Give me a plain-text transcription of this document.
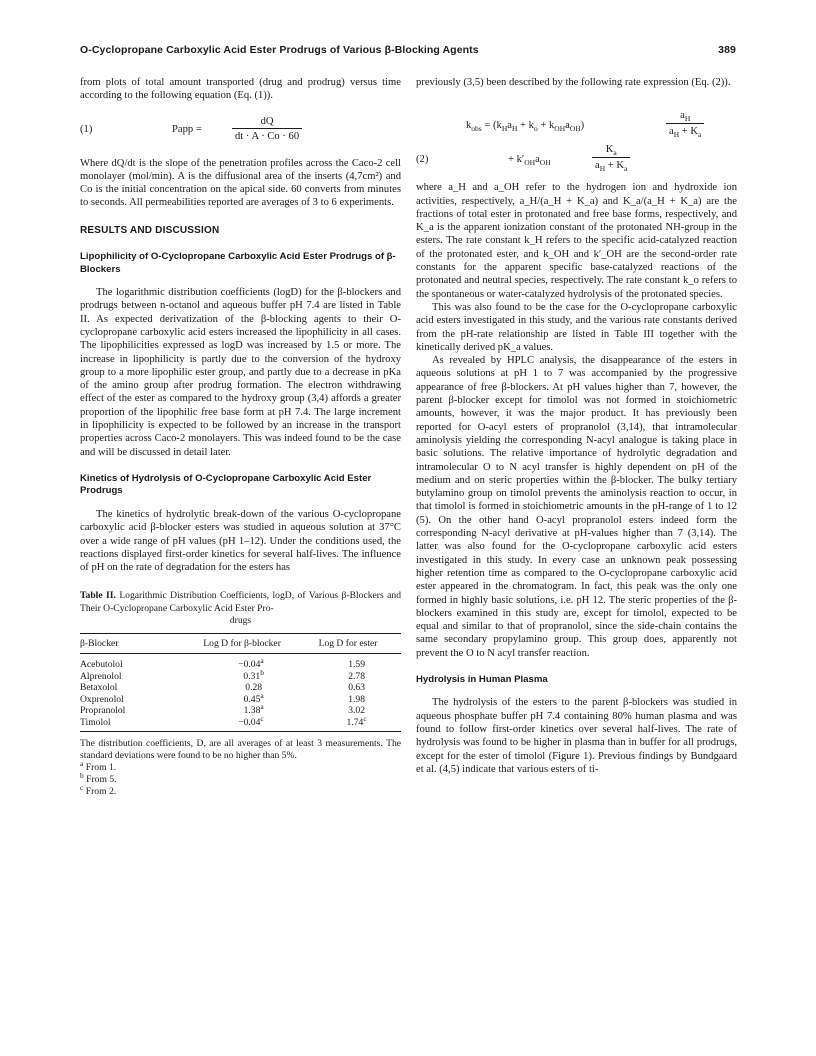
O-Cyclopropane Carboxylic Acid Ester Prodrugs of Various β-Blocking Agents	389

from plots of total amount transported (drug and prodrug) versus time according to the following equation (Eq. (1)).

(1)	Papp =	$\frac{dQ}{dt \cdot A \cdot Co \cdot 60}$

Where dQ/dt is the slope of the penetration profiles across the Caco-2 cell monolayer (mol/min). A is the diffusional area of the inserts (4,7cm²) and Co is the initial concentration on the apical side. 60 converts from minutes to seconds. All permeabilities reported are averages of 3 to 6 experiments.

RESULTS AND DISCUSSION
Lipophilicity of O-Cyclopropane Carboxylic Acid Ester Prodrugs of β-Blockers

The logarithmic distribution coefficients (logD) for the β-blockers and prodrugs between n-octanol and aqueous buffer pH 7.4 are listed in Table II. As expected derivatization of the β-blocking agents to their O-cyclopropane carboxylic acid esters increased the lipophilicity in all cases. The lipophilicities expressed as logD was increased by 1.5 or more. The increase in lipophilicity is partly due to the conversion of the hydroxy group to a more lipophilic ester group, and partly due to a decrease in pKa of the amino group after prodrug formation. The electron withdrawing effect of the ester as compared to the hydroxy group (3,4) affords a greater proportion of the lipophilic free base form at pH 7.4. The large increment in lipophilicity is expected to be followed by an increase in the transport properties across Caco-2 monolayers. This was indeed found to be the case and will be discussed in detail later.

Kinetics of Hydrolysis of O-Cyclopropane Carboxylic Acid Ester Prodrugs

The kinetics of hydrolytic break-down of the various O-cyclopropane carboxylic acid β-blocker esters was studied in aqueous solution at 37°C over a wide range of pH values (pH 1–12). Under the conditions used, the reactions displayed first-order kinetics for several half-lives. The influence of pH on the rate of degradation for the esters has

Table II. Logarithmic Distribution Coefficients, logD, of Various β-Blockers and Their O-Cyclopropane Carboxylic Acid Ester Pro-
drugs
β-Blocker	Log D for β-blocker	Log D for ester
Acebutolol	−0.04$^a$	1.59
Alprenolol	0.31$^b$	2.78
Betaxolol	0.28	0.63
Oxprenolol	0.45$^a$	1.98
Propranolol	1.38$^a$	3.02
Timolol	−0.04$^c$	1.74$^c$
The distribution coefficients, D, are all averages of at least 3 measurements. The standard deviations were found to be no higher than 5%.
$^a$ From 1.
$^b$ From 5.
$^c$ From 2.

previously (3,5) been described by the following rate expression (Eq. (2)).

$k_{obs} = (k_Ha_H + k_o + k_{OH}a_{OH})$	$\frac{a_H}{a_H + K_a}$
(2)	+ $k'_{OH}a_{OH}$	$\frac{K_a}{a_H + K_a}$

where a_H and a_OH refer to the hydrogen ion and hydroxide ion activities, respectively, a_H/(a_H + K_a) and K_a/(a_H + K_a) are the fractions of total ester in protonated and free base forms, respectively, and K_a is the apparent ionization constant of the protonated NH-group in the esters. The rate constant k_H refers to the specific acid-catalyzed reaction of the protonated ester, and k_OH and k′_OH are the second-order rate constants for the apparent specific base-catalyzed reactions of the protonated and neutral species, respectively. The rate constant k_o refers to the spontaneous or water-catalyzed hydrolysis of the protonated species.

This was also found to be the case for the O-cyclopropane carboxylic acid esters investigated in this study, and the various rate constants derived from the pH-rate relationship are listed in Table III together with the kinetically derived pK_a values.

As revealed by HPLC analysis, the disappearance of the esters in aqueous solutions at pH 1 to 7 was accompanied by the progressive appearance of free β-blockers. At pH values higher than 7, however, the parent β-blocker except for timolol was not formed in stoichiometric amounts, however, it was the major product. It has previously been reported for O-acyl esters of propranolol (3,14), that intramolecular aminolysis yielding the corresponding N-acyl analogue is taking place in basic solutions. The relative importance of hydrolytic degradation and intramolecular O to N acyl transfer is highly dependent on pH of the medium and on steric properties within the β-blocker. The bulky tertiary butylamino group on timolol prevents the aminolysis reaction to occur, in that timolol is formed in stoichiometric amounts in the pH-range of 1 to 12 (5). On the other hand O-acyl propranolol esters indeed form the corresponding N-acyl derivative at pH-values higher than 7 (3,14). The latter was also found for the O-cyclopropane carboxylic acid esters investigated in this study. In every case an unknown peak possessing higher retention time as compared to the O-cyclopropane carboxylic acid ester appeared in the chromatogram. In fact, this peak was the only one formed in highly basic solutions, i.e. pH 12. The steric properties of the β-blockers examined in this study are, except for timolol, expected to be equal and similar to that of propranolol, since the side-chain contains the same secondary propylamino group. This group does, apparently not prevent the O to N acyl transfer reaction.

Hydrolysis in Human Plasma

The hydrolysis of the esters to the parent β-blockers was studied in aqueous phosphate buffer pH 7.4 containing 80% human plasma and was found to follow first-order kinetics over several half-lives. The rate of hydrolysis was found to be higher in plasma than in buffer for all prodrugs, except for the ester of timolol (Figure 1). Previous findings by Bundgaard et al. (4,5) indicate that various esters of ti-
